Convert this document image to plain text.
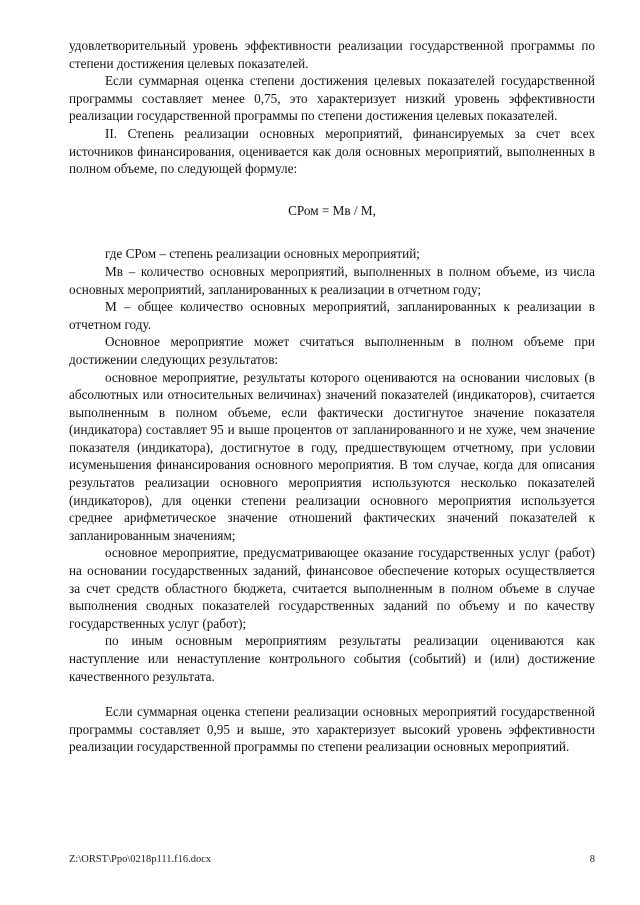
удовлетворительный уровень эффективности реализации государственной программы по степени достижения целевых показателей.

Если суммарная оценка степени достижения целевых показателей государственной программы составляет менее 0,75, это характеризует низкий уровень эффективности реализации государственной программы по степени достижения целевых показателей.

II. Степень реализации основных мероприятий, финансируемых за счет всех источников финансирования, оценивается как доля основных мероприятий, выполненных в полном объеме, по следующей формуле:

СРом = Мв / М,

где СРом – степень реализации основных мероприятий;

Мв – количество основных мероприятий, выполненных в полном объеме, из числа основных мероприятий, запланированных к реализации в отчетном году;

М – общее количество основных мероприятий, запланированных к реализации в отчетном году.

Основное мероприятие может считаться выполненным в полном объеме при достижении следующих результатов:

основное мероприятие, результаты которого оцениваются на основании числовых (в абсолютных или относительных величинах) значений показателей (индикаторов), считается выполненным в полном объеме, если фактически достигнутое значение показателя (индикатора) составляет 95 и выше процентов от запланированного и не хуже, чем значение показателя (индикатора), достигнутое в году, предшествующем отчетному, при условии исуменьшения финансирования основного мероприятия. В том случае, когда для описания результатов реализации основного мероприятия используются несколько показателей (индикаторов), для оценки степени реализации основного мероприятия используется среднее арифметическое значение отношений фактических значений показателей к запланированным значениям;

основное мероприятие, предусматривающее оказание государственных услуг (работ) на основании государственных заданий, финансовое обеспечение которых осуществляется за счет средств областного бюджета, считается выполненным в полном объеме в случае выполнения сводных показателей государственных заданий по объему и по качеству государственных услуг (работ);

по иным основным мероприятиям результаты реализации оцениваются как наступление или ненаступление контрольного события (событий) и (или) достижение качественного результата.

Если суммарная оценка степени реализации основных мероприятий государственной программы составляет 0,95 и выше, это характеризует высокий уровень эффективности реализации государственной программы по степени реализации основных мероприятий.

Z:\ORST\Ppo\0218p111.f16.docx	8
